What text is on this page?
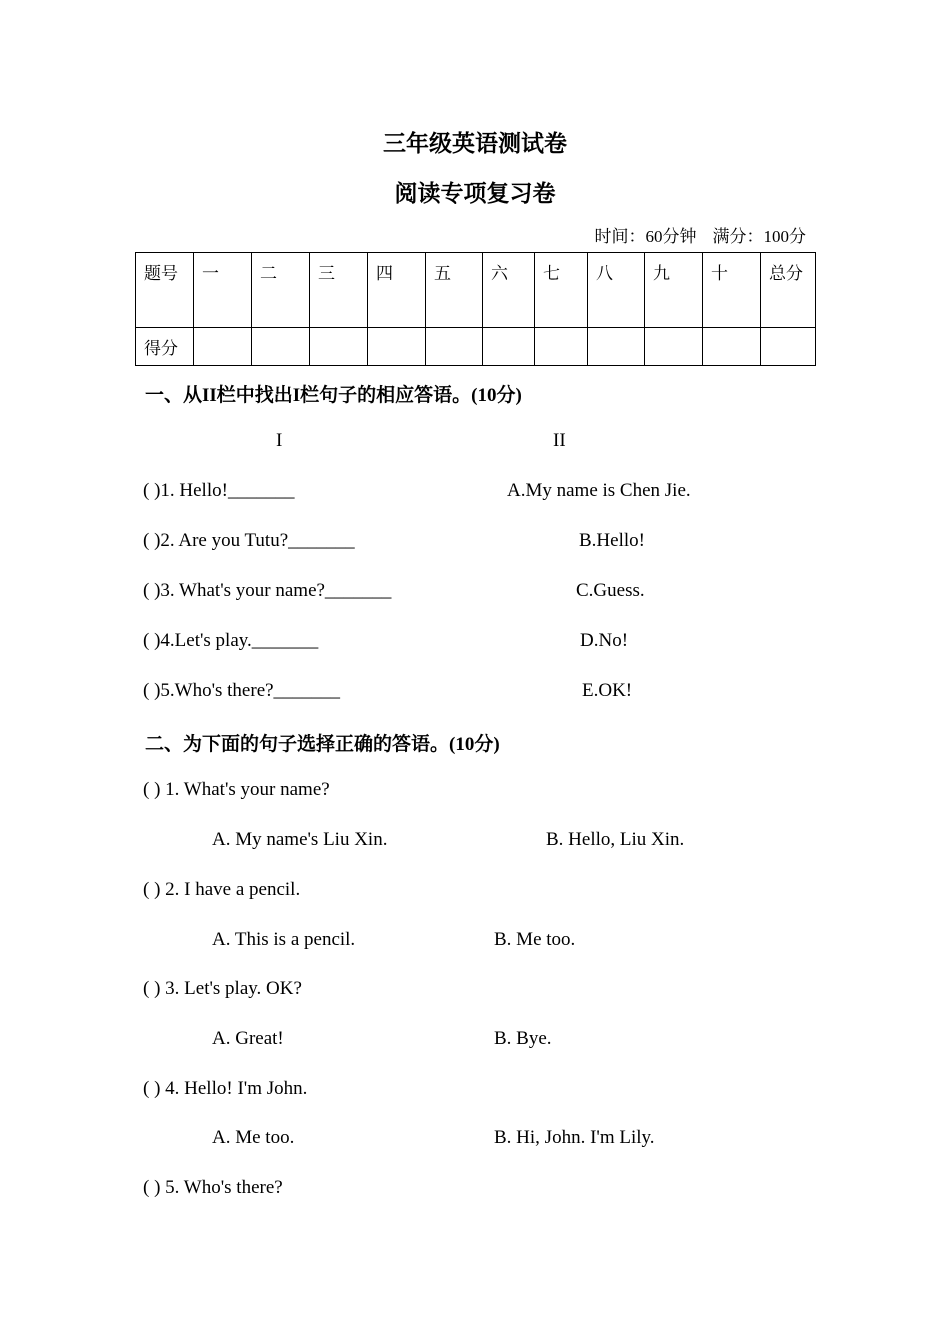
三年级英语测试卷
阅读专项复习卷
时间：60分钟 满分：100分
题号	一	二	三	四	五	六	七	八	九	十	总分
得分											
一、从II栏中找出I栏句子的相应答语。(10分)
I	II
( )1. Hello!_______	A.My name is Chen Jie.
( )2. Are you Tutu?_______	B.Hello!
( )3. What's your name?_______	C.Guess.
( )4.Let's play._______	D.No!
( )5.Who's there?_______	E.OK!
二、为下面的句子选择正确的答语。(10分)
( ) 1. What's your name?
A. My name's Liu Xin.	B. Hello, Liu Xin.
( ) 2. I have a pencil.
A. This is a pencil.	B. Me too.
( ) 3. Let's play. OK?
A. Great!	B. Bye.
( ) 4. Hello! I'm John.
A. Me too.	B. Hi, John. I'm Lily.
( ) 5. Who's there?
